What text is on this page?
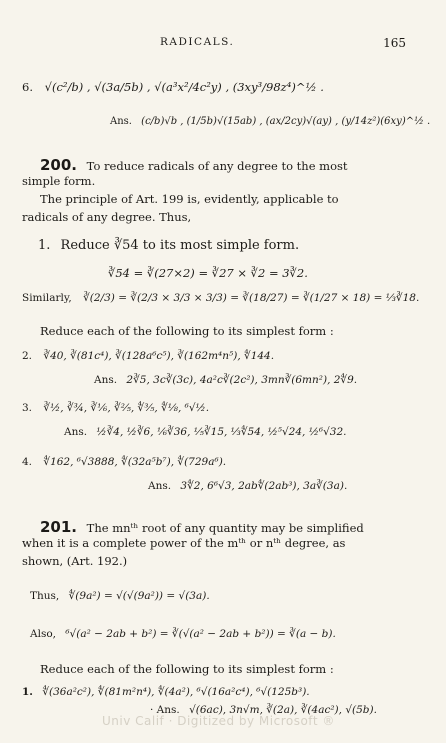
RADICALS.	165
6. √(c²/b) , √(3a/5b) , √(a³x²/4c²y) , (3xy³/98z⁴)^½ .
Ans. (c/b)√b , (1/5b)√(15ab) , (ax/2cy)√(ay) , (y/14z²)(6xy)^½ .
200. To reduce radicals of any degree to the most
simple form.
The principle of Art. 199 is, evidently, applicable to
radicals of any degree. Thus,
1. Reduce ∛54 to its most simple form.
∛54 = ∛(27×2) = ∛27 × ∛2 = 3∛2.
Similarly, ∛(2/3) = ∛(2/3 × 3/3 × 3/3) = ∛(18/27) = ∛(1/27 × 18) = ⅓∛18.
Reduce each of the following to its simplest form :
2. ∛40, ∛(81c⁴), ∛(128a⁶c⁵), ∛(162m⁴n⁵), ∜144.
Ans. 2∛5, 3c∛(3c), 4a²c∛(2c²), 3mn∛(6mn²), 2∜9.
3. ∛½, ∛¾, ∛⅙, ∛⅖, ∜⅗, ∜⅛, ⁶√½.
Ans. ½∛4, ½∛6, ⅙∛36, ⅕∛15, ⅓∜54, ½⁵√24, ½⁶√32.
4. ∜162, ⁶√3888, ∜(32a⁵b⁷), ∜(729a⁶).
Ans. 3∜2, 6⁶√3, 2ab∜(2ab³), 3a∛(3a).
201. The mnᵗʰ root of any quantity may be simplified
when it is a complete power of the mᵗʰ or nᵗʰ degree, as
shown, (Art. 192.)
Thus, ∜(9a²) = √(√(9a²)) = √(3a).
Also, ⁶√(a² − 2ab + b²) = ∛(√(a² − 2ab + b²)) = ∛(a − b).
Reduce each of the following to its simplest form :
1. ∜(36a²c²), ∜(81m²n⁴), ∜(4a²), ⁶√(16a²c⁴), ⁶√(125b³).
· Ans. √(6ac), 3n√m, ∛(2a), ∛(4ac²), √(5b).
Univ Calif · Digitized by Microsoft ®
